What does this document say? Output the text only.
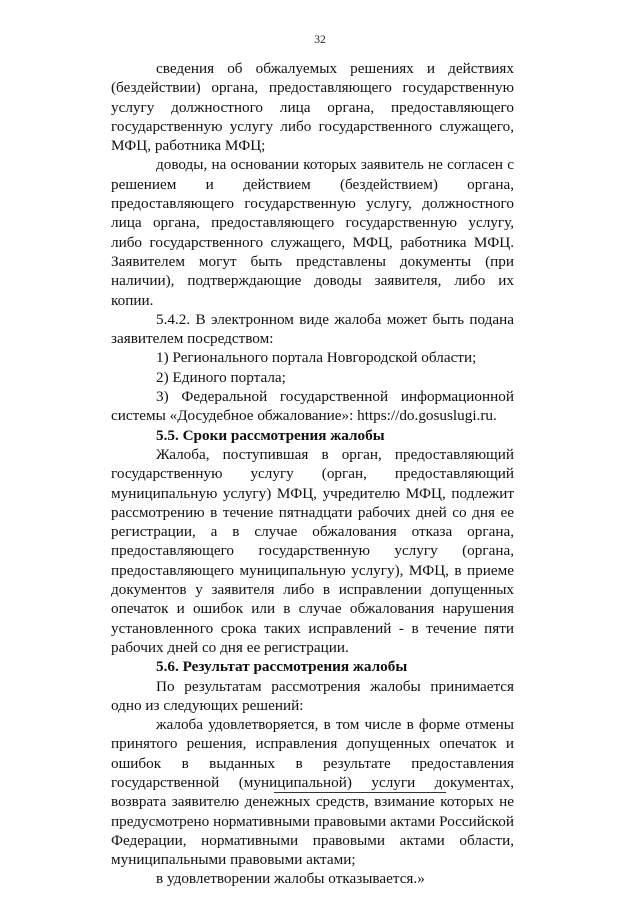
32

сведения об обжалуемых решениях и действиях (бездействии) органа, предоставляющего государственную услугу должностного лица органа, предоставляющего государственную услугу либо государственного служащего, МФЦ, работника МФЦ;

доводы, на основании которых заявитель не согласен с решением и действием (бездействием) органа, предоставляющего государственную услугу, должностного лица органа, предоставляющего государственную услугу, либо государственного служащего, МФЦ, работника МФЦ. Заявителем могут быть представлены документы (при наличии), подтверждающие доводы заявителя, либо их копии.

5.4.2. В электронном виде жалоба может быть подана заявителем посредством:

1) Регионального портала Новгородской области;

2) Единого портала;

3) Федеральной государственной информационной системы «Досудебное обжалование»: https://do.gosuslugi.ru.

5.5. Сроки рассмотрения жалобы

Жалоба, поступившая в орган, предоставляющий государственную услугу (орган, предоставляющий муниципальную услугу) МФЦ, учредителю МФЦ, подлежит рассмотрению в течение пятнадцати рабочих дней со дня ее регистрации, а в случае обжалования отказа органа, предоставляющего государственную услугу (органа, предоставляющего муниципальную услугу), МФЦ, в приеме документов у заявителя либо в исправлении допущенных опечаток и ошибок или в случае обжалования нарушения установленного срока таких исправлений - в течение пяти рабочих дней со дня ее регистрации.

5.6. Результат рассмотрения жалобы

По результатам рассмотрения жалобы принимается одно из следующих решений:

жалоба удовлетворяется, в том числе в форме отмены принятого решения, исправления допущенных опечаток и ошибок в выданных в результате предоставления государственной (муниципальной) услуги документах, возврата заявителю денежных средств, взимание которых не предусмотрено нормативными правовыми актами Российской Федерации, нормативными правовыми актами области, муниципальными правовыми актами;

в удовлетворении жалобы отказывается.»
